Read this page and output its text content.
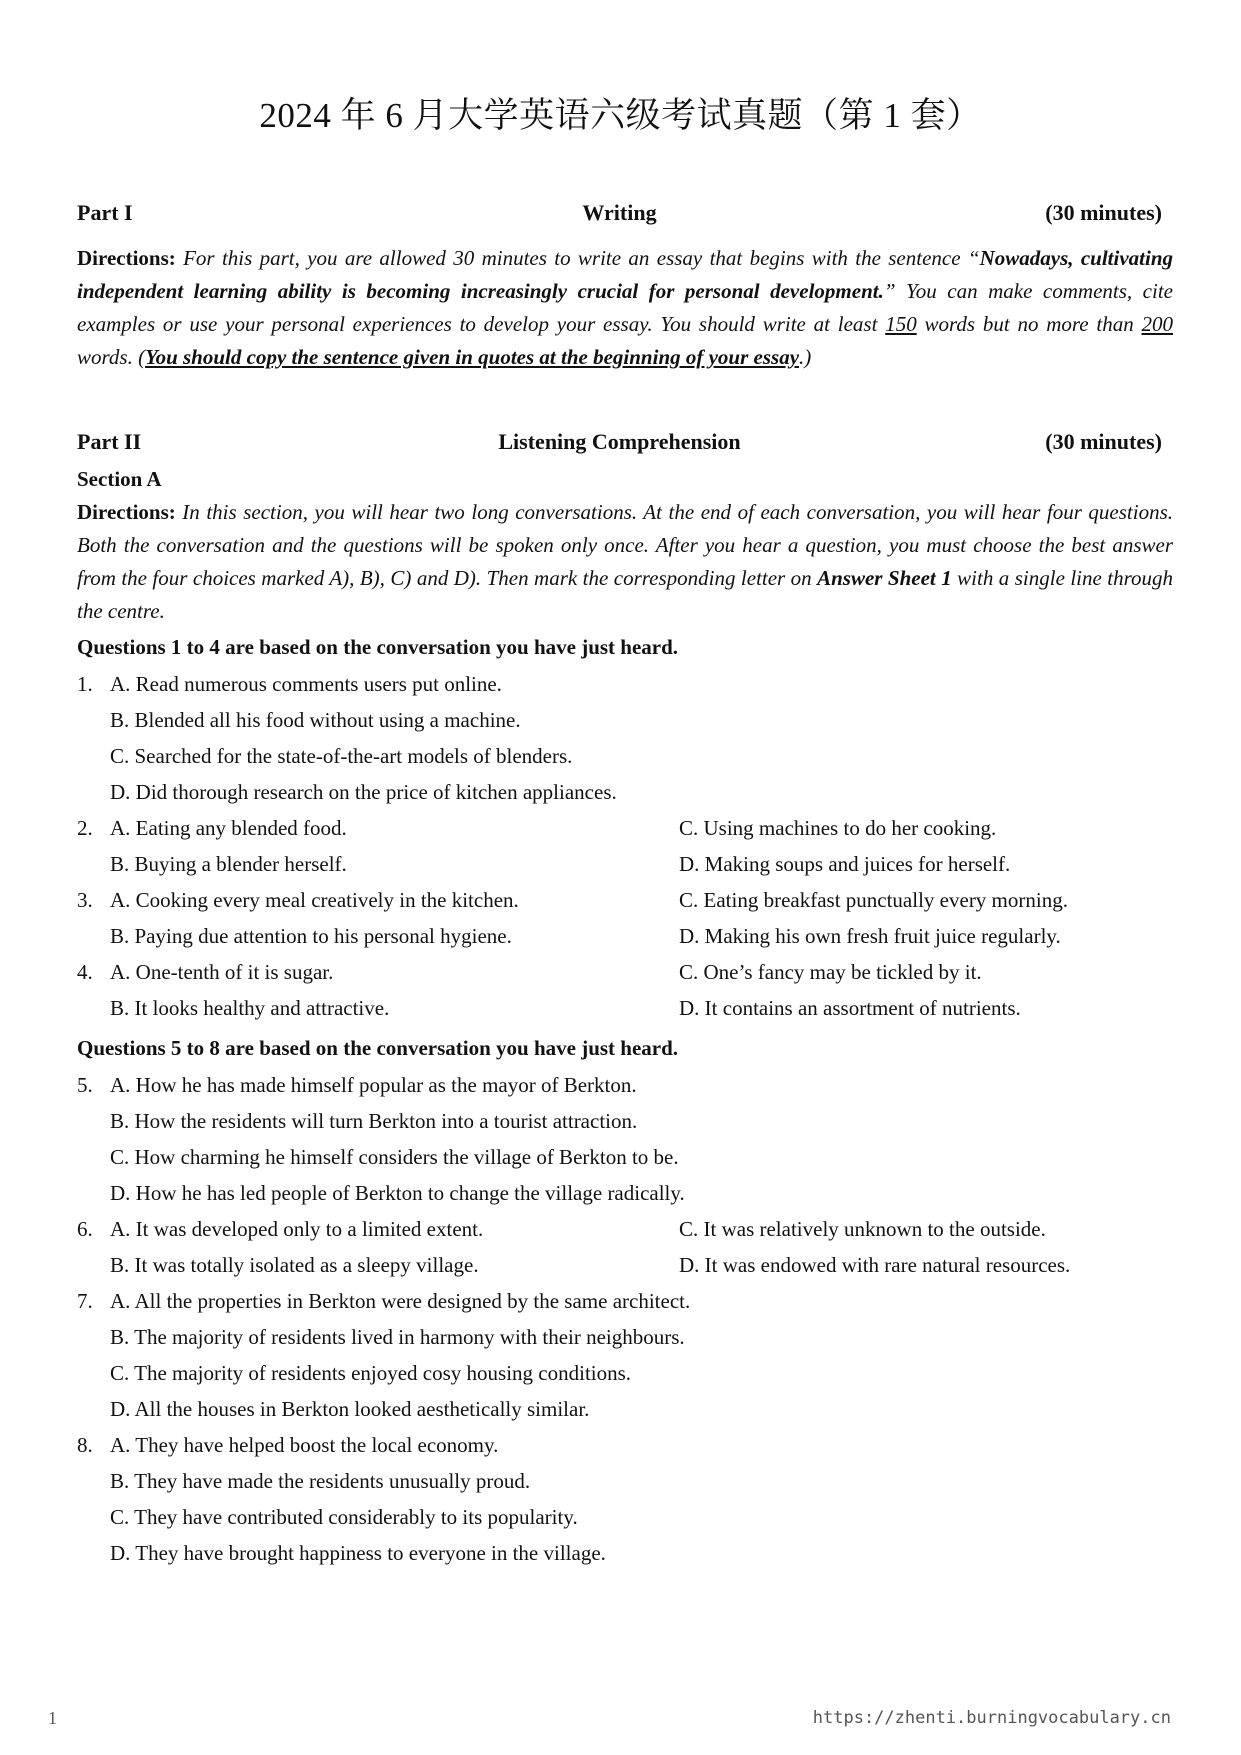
2024 年 6 月大学英语六级考试真题（第 1 套）
Part I	Writing	(30 minutes)
Directions: For this part, you are allowed 30 minutes to write an essay that begins with the sentence “Nowadays, cultivating independent learning ability is becoming increasingly crucial for personal development.” You can make comments, cite examples or use your personal experiences to develop your essay. You should write at least 150 words but no more than 200 words. (You should copy the sentence given in quotes at the beginning of your essay.)
Part II	Listening Comprehension	(30 minutes)
Section A
Directions: In this section, you will hear two long conversations. At the end of each conversation, you will hear four questions. Both the conversation and the questions will be spoken only once. After you hear a question, you must choose the best answer from the four choices marked A), B), C) and D). Then mark the corresponding letter on Answer Sheet 1 with a single line through the centre.
Questions 1 to 4 are based on the conversation you have just heard.
1. A. Read numerous comments users put online.
B. Blended all his food without using a machine.
C. Searched for the state-of-the-art models of blenders.
D. Did thorough research on the price of kitchen appliances.
2. A. Eating any blended food.
B. Buying a blender herself.
C. Using machines to do her cooking.
D. Making soups and juices for herself.
3. A. Cooking every meal creatively in the kitchen.
B. Paying due attention to his personal hygiene.
C. Eating breakfast punctually every morning.
D. Making his own fresh fruit juice regularly.
4. A. One-tenth of it is sugar.
B. It looks healthy and attractive.
C. One’s fancy may be tickled by it.
D. It contains an assortment of nutrients.
Questions 5 to 8 are based on the conversation you have just heard.
5. A. How he has made himself popular as the mayor of Berkton.
B. How the residents will turn Berkton into a tourist attraction.
C. How charming he himself considers the village of Berkton to be.
D. How he has led people of Berkton to change the village radically.
6. A. It was developed only to a limited extent.
B. It was totally isolated as a sleepy village.
C. It was relatively unknown to the outside.
D. It was endowed with rare natural resources.
7. A. All the properties in Berkton were designed by the same architect.
B. The majority of residents lived in harmony with their neighbours.
C. The majority of residents enjoyed cosy housing conditions.
D. All the houses in Berkton looked aesthetically similar.
8. A. They have helped boost the local economy.
B. They have made the residents unusually proud.
C. They have contributed considerably to its popularity.
D. They have brought happiness to everyone in the village.
1	https://zhenti.burningvocabulary.cn
